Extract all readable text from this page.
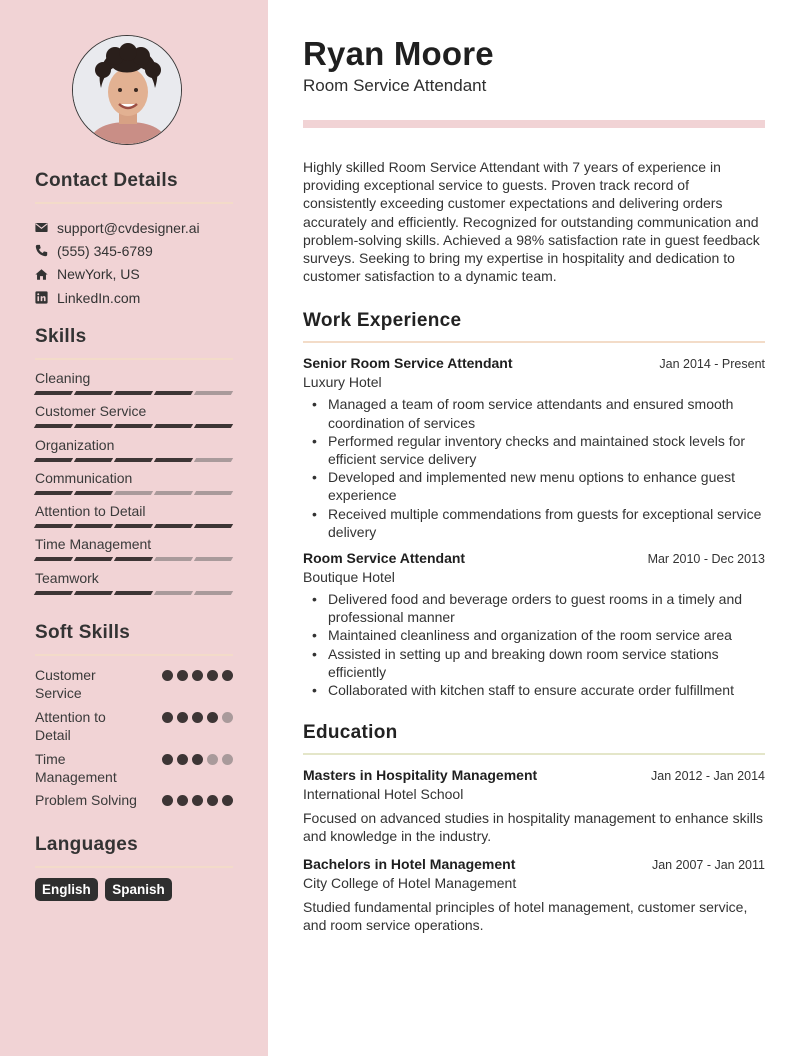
Contact Details
support@cvdesigner.ai
(555) 345-6789
NewYork, US
LinkedIn.com
Skills
Cleaning
Customer Service
Organization
Communication
Attention to Detail
Time Management
Teamwork
Soft Skills
Customer Service
Attention to Detail
Time Management
Problem Solving
Languages
English Spanish
Ryan Moore
Room Service Attendant

Highly skilled Room Service Attendant with 7 years of experience in providing exceptional service to guests. Proven track record of consistently exceeding customer expectations and delivering orders accurately and efficiently. Recognized for outstanding communication and problem-solving skills. Achieved a 98% satisfaction rate in guest feedback surveys. Seeking to bring my expertise in hospitality and dedication to customer satisfaction to a dynamic team.

Work Experience
Senior Room Service Attendant	Jan 2014 - Present
Luxury Hotel
• Managed a team of room service attendants and ensured smooth coordination of services
• Performed regular inventory checks and maintained stock levels for efficient service delivery
• Developed and implemented new menu options to enhance guest experience
• Received multiple commendations from guests for exceptional service delivery
Room Service Attendant	Mar 2010 - Dec 2013
Boutique Hotel
• Delivered food and beverage orders to guest rooms in a timely and professional manner
• Maintained cleanliness and organization of the room service area
• Assisted in setting up and breaking down room service stations efficiently
• Collaborated with kitchen staff to ensure accurate order fulfillment
Education
Masters in Hospitality Management	Jan 2012 - Jan 2014
International Hotel School

Focused on advanced studies in hospitality management to enhance skills and knowledge in the industry.

Bachelors in Hotel Management	Jan 2007 - Jan 2011
City College of Hotel Management

Studied fundamental principles of hotel management, customer service, and room service operations.
